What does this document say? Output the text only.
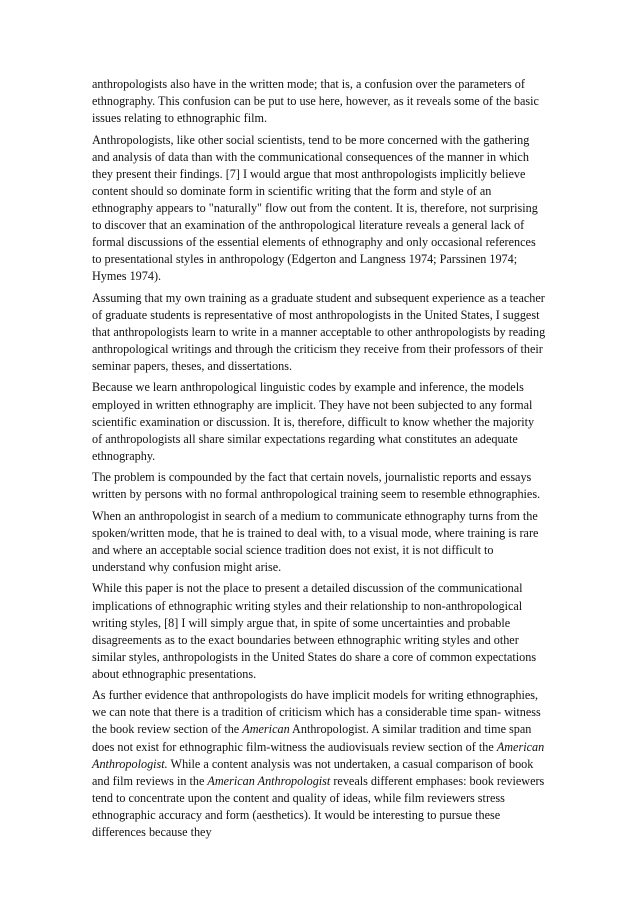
anthropologists also have in the written mode; that is, a confusion over the parameters of ethnography. This confusion can be put to use here, however, as it reveals some of the basic issues relating to ethnographic film.

Anthropologists, like other social scientists, tend to be more concerned with the gathering and analysis of data than with the communicational consequences of the manner in which they present their findings. [7] I would argue that most anthropologists implicitly believe content should so dominate form in scientific writing that the form and style of an ethnography appears to "naturally" flow out from the content. It is, therefore, not surprising to discover that an examination of the anthropological literature reveals a general lack of formal discussions of the essential elements of ethnography and only occasional references to presentational styles in anthropology (Edgerton and Langness 1974; Parssinen 1974; Hymes 1974).

Assuming that my own training as a graduate student and subsequent experience as a teacher of graduate students is representative of most anthropologists in the United States, I suggest that anthropologists learn to write in a manner acceptable to other anthropologists by reading anthropological writings and through the criticism they receive from their professors of their seminar papers, theses, and dissertations.

Because we learn anthropological linguistic codes by example and inference, the models employed in written ethnography are implicit. They have not been subjected to any formal scientific examination or discussion. It is, therefore, difficult to know whether the majority of anthropologists all share similar expectations regarding what constitutes an adequate ethnography.

The problem is compounded by the fact that certain novels, journalistic reports and essays written by persons with no formal anthropological training seem to resemble ethnographies.

When an anthropologist in search of a medium to communicate ethnography turns from the spoken/written mode, that he is trained to deal with, to a visual mode, where training is rare and where an acceptable social science tradition does not exist, it is not difficult to understand why confusion might arise.

While this paper is not the place to present a detailed discussion of the communicational implications of ethnographic writing styles and their relationship to non-anthropological writing styles, [8] I will simply argue that, in spite of some uncertainties and probable disagreements as to the exact boundaries between ethnographic writing styles and other similar styles, anthropologists in the United States do share a core of common expectations about ethnographic presentations.

As further evidence that anthropologists do have implicit models for writing ethnographies, we can note that there is a tradition of criticism which has a considerable time span- witness the book review section of the American Anthropologist. A similar tradition and time span does not exist for ethnographic film-witness the audiovisuals review section of the American Anthropologist. While a content analysis was not undertaken, a casual comparison of book and film reviews in the American Anthropologist reveals different emphases: book reviewers tend to concentrate upon the content and quality of ideas, while film reviewers stress ethnographic accuracy and form (aesthetics). It would be interesting to pursue these differences because they
